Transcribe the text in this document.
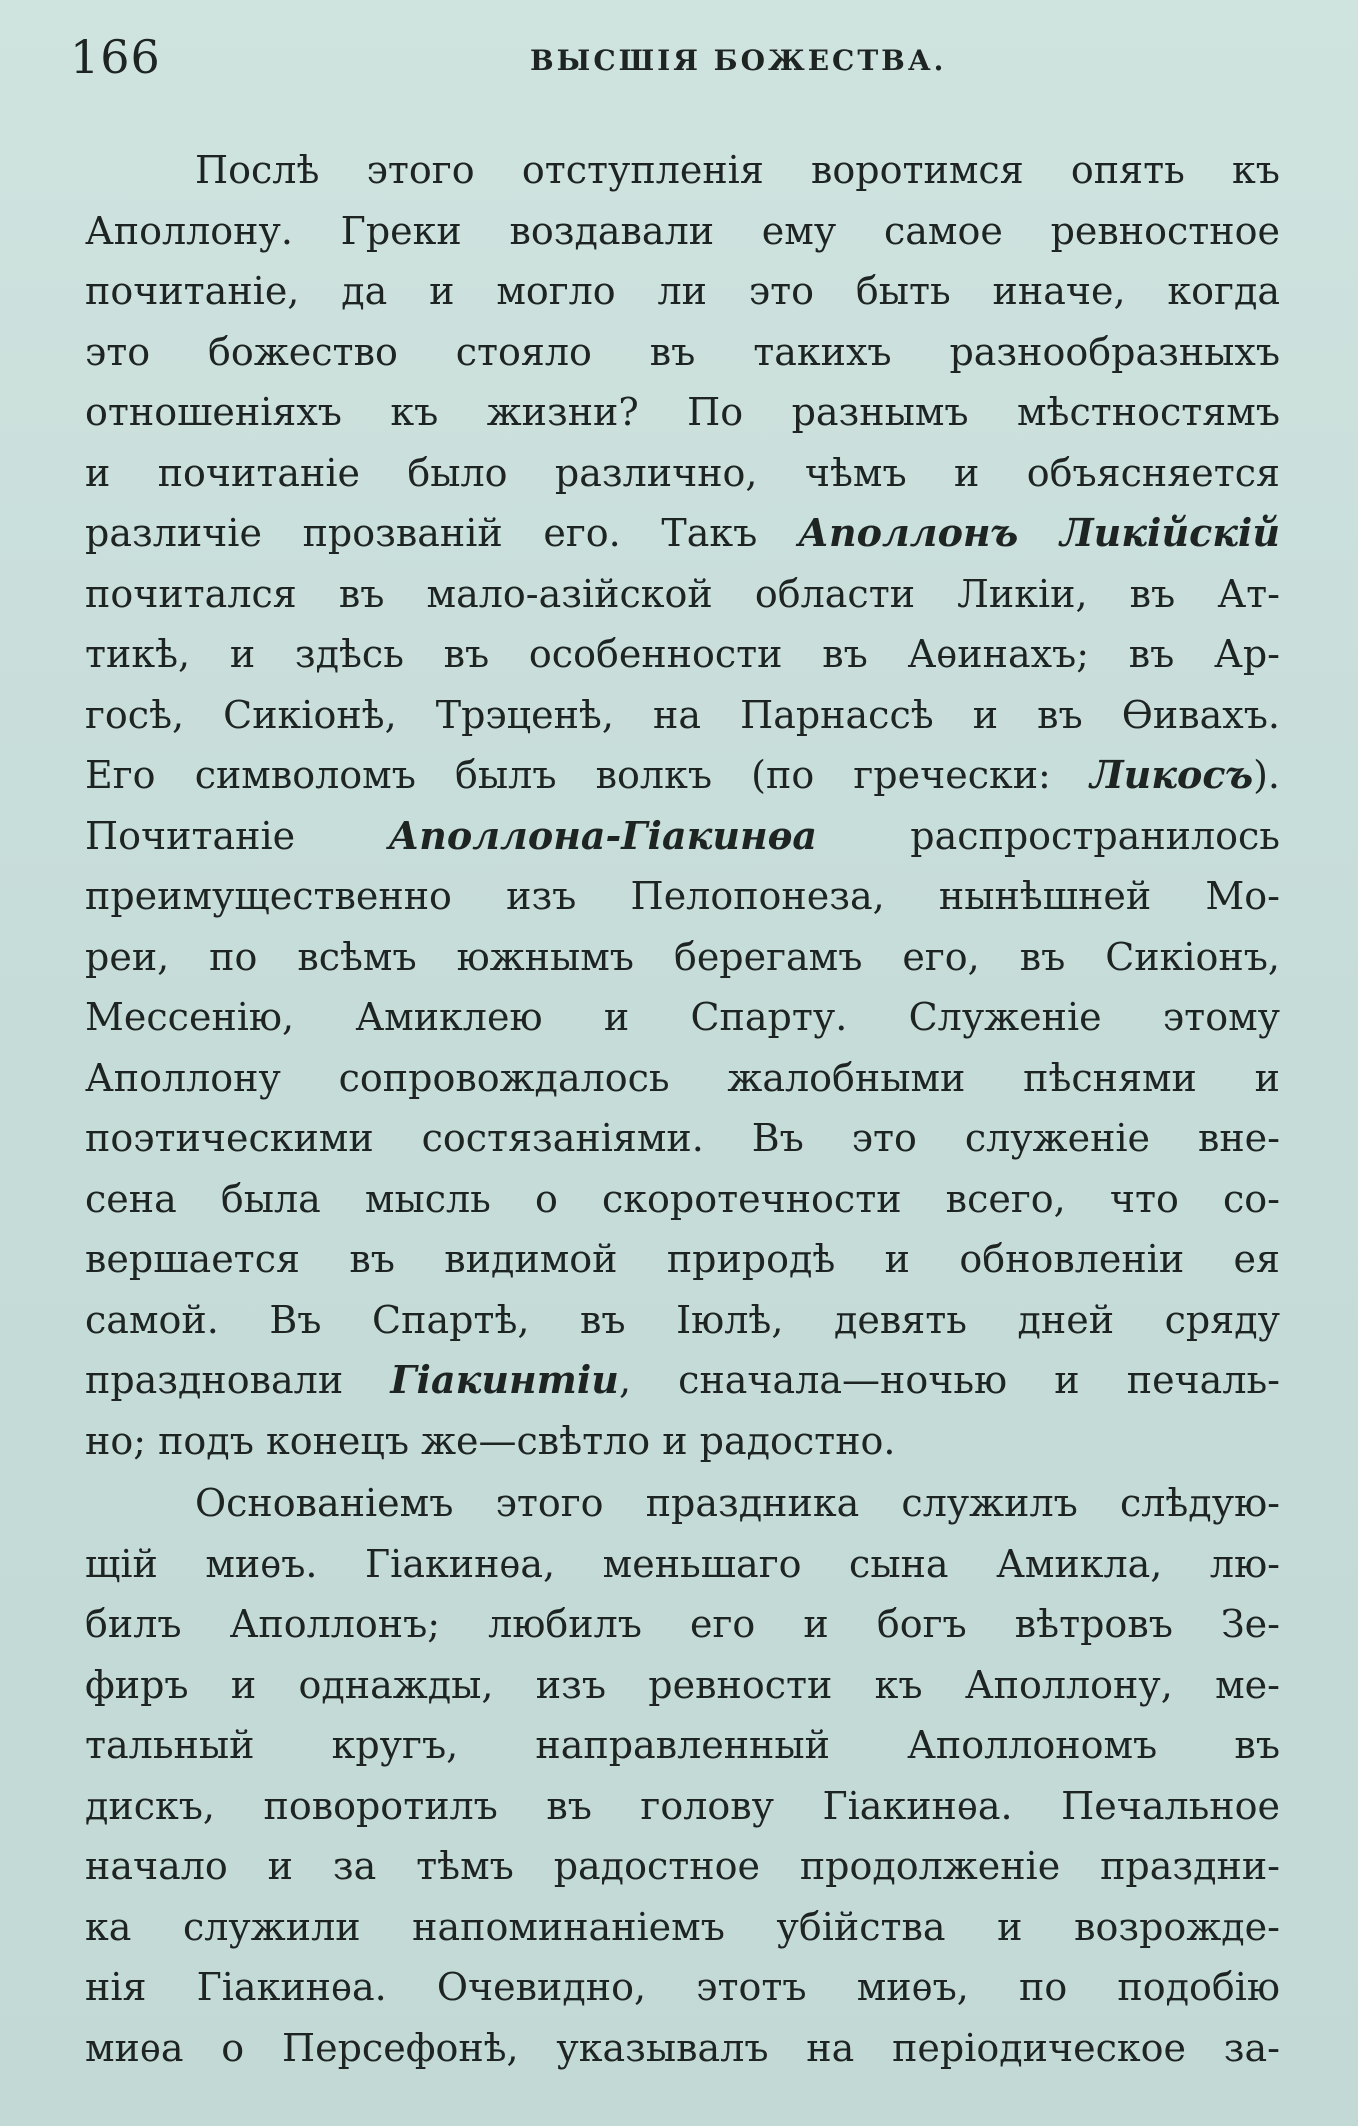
166	ВЫСШІЯ БОЖЕСТВА.
Послѣ этого отступленія воротимся опять къ
Аполлону. Греки воздавали ему самое ревностное
почитаніе, да и могло ли это быть иначе, когда
это божество стояло въ такихъ разнообразныхъ
отношеніяхъ къ жизни? По разнымъ мѣстностямъ
и почитаніе было различно, чѣмъ и объясняется
различіе прозваній его. Такъ Аполлонъ Ликійскій
почитался въ мало-азійской области Ликіи, въ Ат-
тикѣ, и здѣсь въ особенности въ Аѳинахъ; въ Ар-
госѣ, Сикіонѣ, Трэценѣ, на Парнассѣ и въ Ѳивахъ.
Его символомъ былъ волкъ (по гречески: Ликосъ).
Почитаніе Аполлона-Гіакинѳа распространилось
преимущественно изъ Пелопонеза, нынѣшней Мо-
реи, по всѣмъ южнымъ берегамъ его, въ Сикіонъ,
Мессенію, Амиклею и Спарту. Служеніе этому
Аполлону сопровождалось жалобными пѣснями и
поэтическими состязаніями. Въ это служеніе вне-
сена была мысль о скоротечности всего, что со-
вершается въ видимой природѣ и обновленіи ея
самой. Въ Спартѣ, въ Іюлѣ, девять дней сряду
праздновали Гіакинтіи, сначала—ночью и печаль-
но; подъ конецъ же—свѣтло и радостно.
Основаніемъ этого праздника служилъ слѣдую-
щій миѳъ. Гіакинѳа, меньшаго сына Амикла, лю-
билъ Аполлонъ; любилъ его и богъ вѣтровъ Зе-
фиръ и однажды, изъ ревности къ Аполлону, ме-
тальный кругъ, направленный Аполлономъ въ
дискъ, поворотилъ въ голову Гіакинѳа. Печальное
начало и за тѣмъ радостное продолженіе праздни-
ка служили напоминаніемъ убійства и возрожде-
нія Гіакинѳа. Очевидно, этотъ миѳъ, по подобію
миѳа о Персефонѣ, указывалъ на періодическое за-
